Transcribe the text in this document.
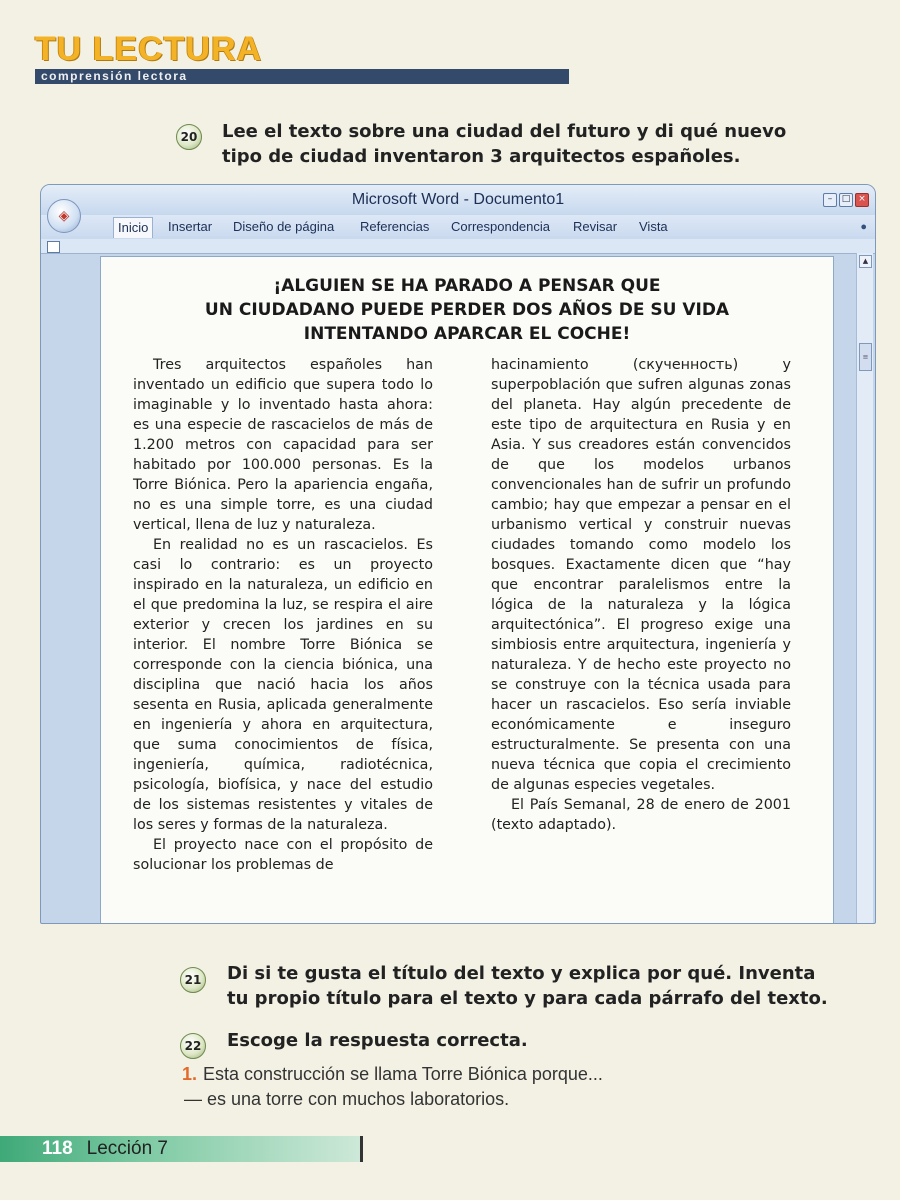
TU LECTURA
comprensión lectora
20 Lee el texto sobre una ciudad del futuro y di qué nuevo
tipo de ciudad inventaron 3 arquitectos españoles.
Microsoft Word - Documento1
◈
–	□ ×
Inicio	Insertar Diseño de página Referencias Correspondencia Revisar Vista	●
¡ALGUIEN SE HA PARADO A PENSAR QUE
UN CIUDADANO PUEDE PERDER DOS AÑOS DE SU VIDA
INTENTANDO APARCAR EL COCHE!

Tres arquitectos españoles han inventado un edificio que supera todo lo imaginable y lo inventado hasta ahora: es una especie de rascacielos de más de 1.200 metros con capacidad para ser habitado por 100.000 personas. Es la Torre Biónica. Pero la apariencia engaña, no es una simple torre, es una ciudad vertical, llena de luz y naturaleza.

En realidad no es un rascacielos. Es casi lo contrario: es un proyecto inspirado en la naturaleza, un edificio en el que predomina la luz, se respira el aire exterior y crecen los jardines en su interior. El nombre Torre Biónica se corresponde con la ciencia biónica, una disciplina que nació hacia los años sesenta en Rusia, aplicada generalmente en ingeniería y ahora en arquitectura, que suma conocimientos de física, ingeniería, química, radiotécnica, psicología, biofísica, y nace del estudio de los sistemas resistentes y vitales de los seres y formas de la naturaleza.

El proyecto nace con el propósito de solucionar los problemas de

hacinamiento (скученность) y superpoblación que sufren algunas zonas del planeta. Hay algún precedente de este tipo de arquitectura en Rusia y en Asia. Y sus creadores están convencidos de que los modelos urbanos convencionales han de sufrir un profundo cambio; hay que empezar a pensar en el urbanismo vertical y construir nuevas ciudades tomando como modelo los bosques. Exactamente dicen que “hay que encontrar paralelismos entre la lógica de la naturaleza y la lógica arquitectónica”. El progreso exige una simbiosis entre arquitectura, ingeniería y naturaleza. Y de hecho este proyecto no se construye con la técnica usada para hacer un rascacielos. Eso sería inviable económicamente e inseguro estructuralmente. Se presenta con una nueva técnica que copia el crecimiento de algunas especies vegetales.

El País Semanal, 28 de enero de 2001 (texto adaptado).

▲
≡
21 Di si te gusta el título del texto y explica por qué. Inventa
tu propio título para el texto y para cada párrafo del texto.
22 Escoge la respuesta correcta.
1. Esta construcción se llama Torre Biónica porque...
— es una torre con muchos laboratorios.
118 Lección 7
